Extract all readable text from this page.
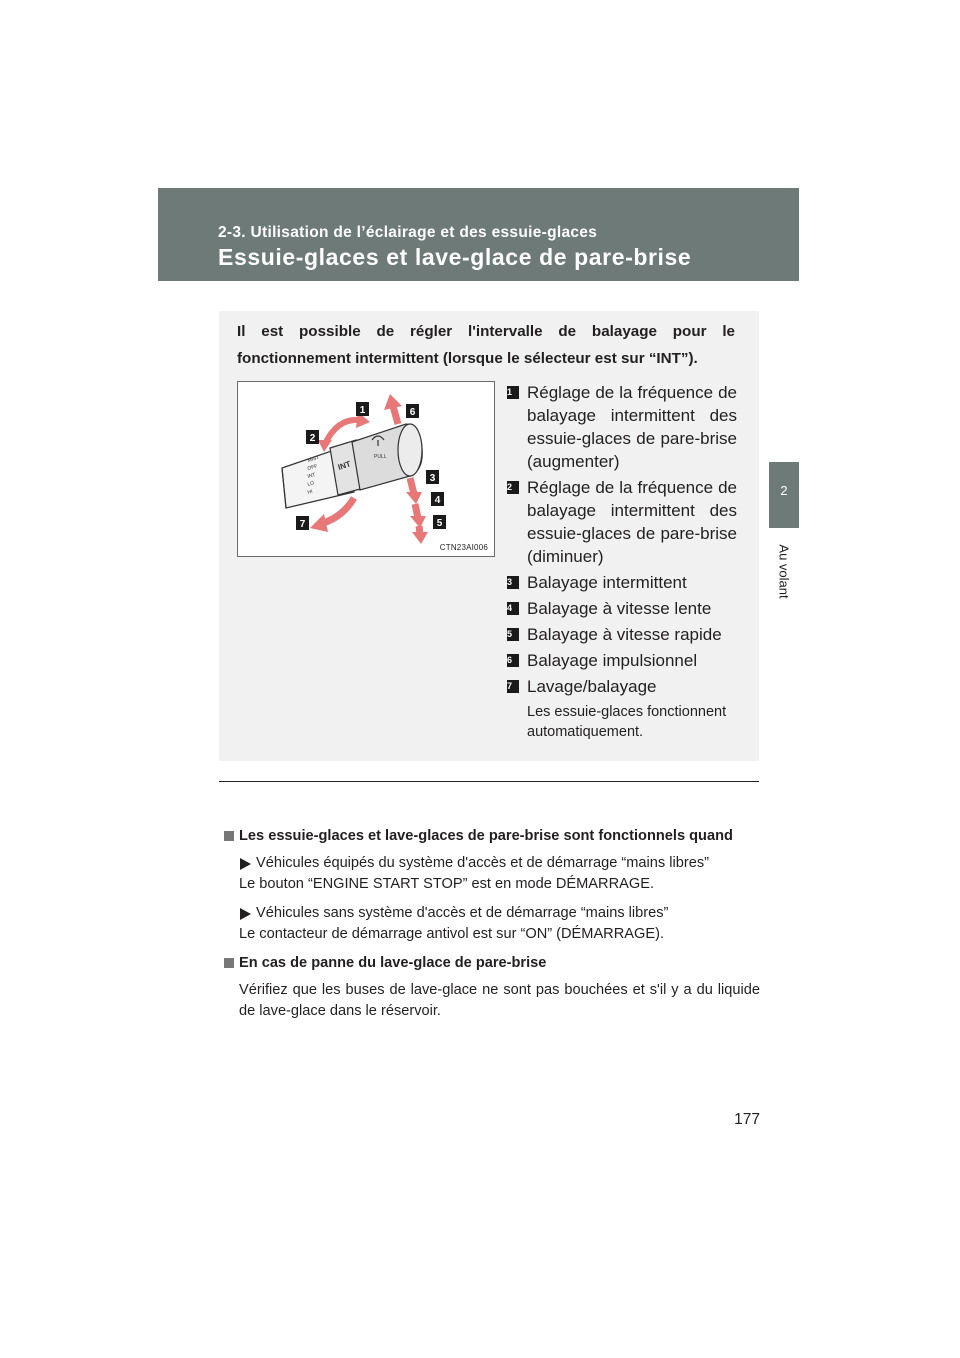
2-3. Utilisation de l’éclairage et des essuie-glaces
Essuie-glaces et lave-glace de pare-brise
2
Au volant
Il est possible de régler l'intervalle de balayage pour le fonctionnement intermittent (lorsque le sélecteur est sur “INT”).
PULL
INT
MIST
OFF
INT
LO
HI
1
2
3
4
5
6
7
CTN23AI006
1 Réglage de la fréquence de balayage intermittent des essuie-glaces de pare-brise (augmenter)
2 Réglage de la fréquence de balayage intermittent des essuie-glaces de pare-brise (diminuer)
3 Balayage intermittent
4 Balayage à vitesse lente
5 Balayage à vitesse rapide
6 Balayage impulsionnel
7 Lavage/balayage
Les essuie-glaces fonctionnent automatiquement.
Les essuie-glaces et lave-glaces de pare-brise sont fonctionnels quand
Véhicules équipés du système d'accès et de démarrage “mains libres”
Le bouton “ENGINE START STOP” est en mode DÉMARRAGE.
Véhicules sans système d'accès et de démarrage “mains libres”
Le contacteur de démarrage antivol est sur “ON” (DÉMARRAGE).
En cas de panne du lave-glace de pare-brise
Vérifiez que les buses de lave-glace ne sont pas bouchées et s'il y a du liquide de lave-glace dans le réservoir.
177
